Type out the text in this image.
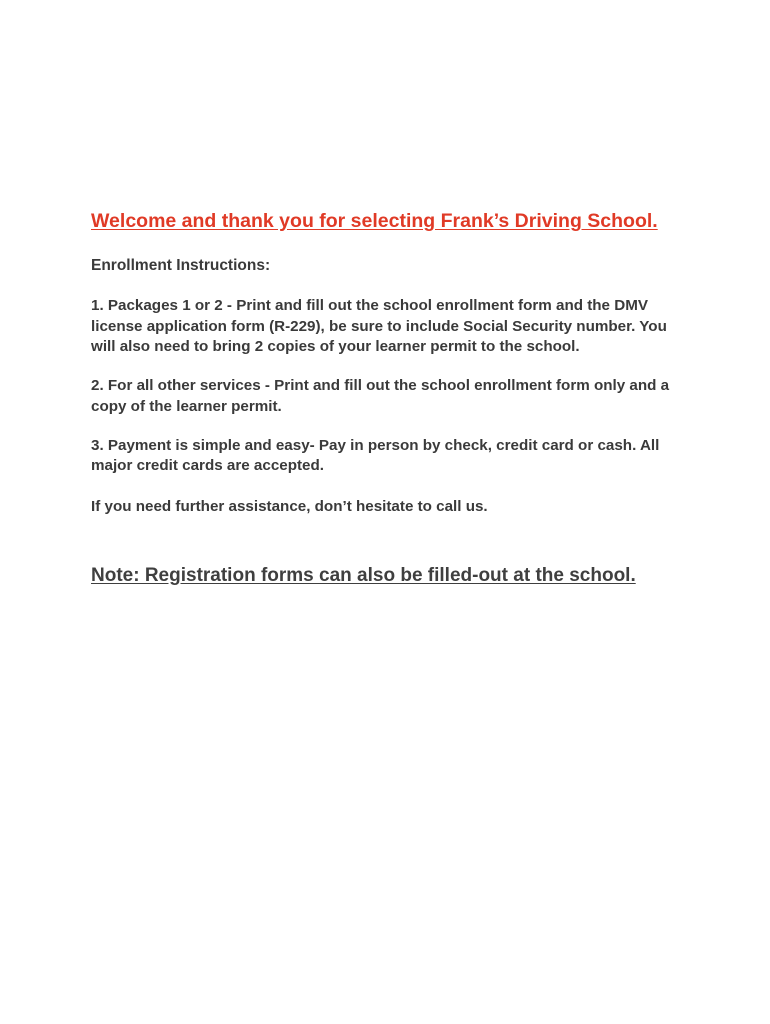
Welcome and thank you for selecting Frank’s Driving School.

Enrollment Instructions:

1. Packages 1 or 2 - Print and fill out the school enrollment form and the DMV license application form (R-229), be sure to include Social Security number. You will also need to bring 2 copies of your learner permit to the school.

2. For all other services - Print and fill out the school enrollment form only and a copy of the learner permit.

3. Payment is simple and easy- Pay in person by check, credit card or cash. All major credit cards are accepted.

If you need further assistance, don’t hesitate to call us.

Note: Registration forms can also be filled-out at the school.
